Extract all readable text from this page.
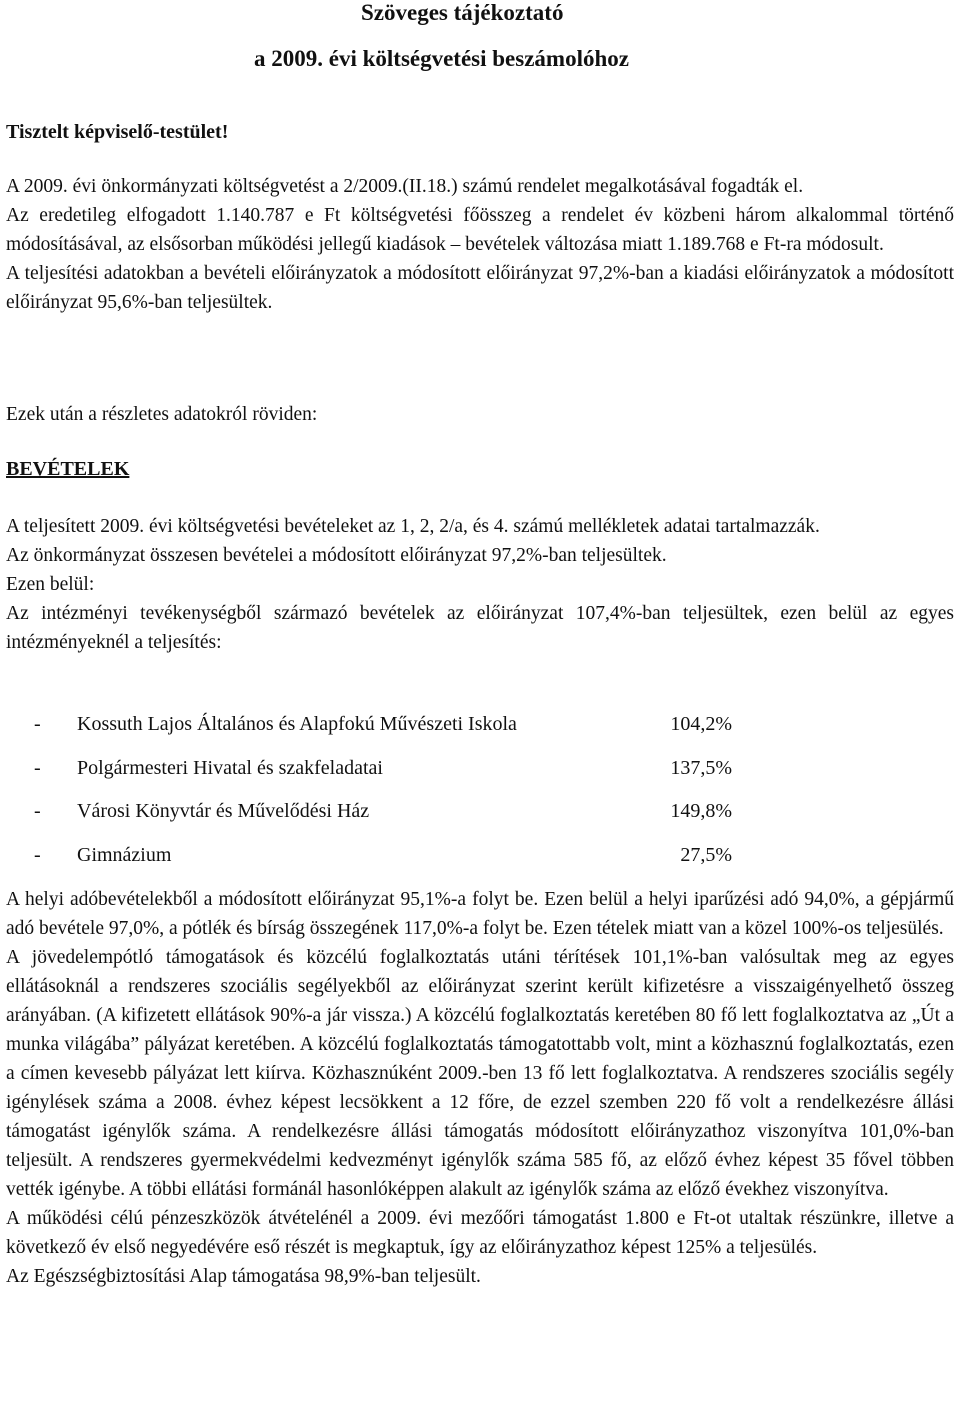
Szöveges tájékoztató
a 2009. évi költségvetési beszámolóhoz
Tisztelt képviselő-testület!

A 2009. évi önkormányzati költségvetést a 2/2009.(II.18.) számú rendelet megalkotásával fogadták el.

Az eredetileg elfogadott 1.140.787 e Ft költségvetési főösszeg a rendelet év közbeni három alkalommal történő módosításával, az elsősorban működési jellegű kiadások – bevételek változása miatt 1.189.768 e Ft-ra módosult.

A teljesítési adatokban a bevételi előirányzatok a módosított előirányzat 97,2%-ban a kiadási előirányzatok a módosított előirányzat 95,6%-ban teljesültek.

Ezek után a részletes adatokról röviden:

BEVÉTELEK

A teljesített 2009. évi költségvetési bevételeket az 1, 2, 2/a, és 4. számú mellékletek adatai tartalmazzák.

Az önkormányzat összesen bevételei a módosított előirányzat 97,2%-ban teljesültek.

Ezen belül:

Az intézményi tevékenységből származó bevételek az előirányzat 107,4%-ban teljesültek, ezen belül az egyes intézményeknél a teljesítés:

- Kossuth Lajos Általános és Alapfokú Művészeti Iskola	104,2%
- Polgármesteri Hivatal és szakfeladatai	137,5%
- Városi Könyvtár és Művelődési Ház	149,8%
- Gimnázium	27,5%

A helyi adóbevételekből a módosított előirányzat 95,1%-a folyt be. Ezen belül a helyi iparűzési adó 94,0%, a gépjármű adó bevétele 97,0%, a pótlék és bírság összegének 117,0%-a folyt be. Ezen tételek miatt van a közel 100%-os teljesülés.

A jövedelempótló támogatások és közcélú foglalkoztatás utáni térítések 101,1%-ban valósultak meg az egyes ellátásoknál a rendszeres szociális segélyekből az előirányzat szerint került kifizetésre a visszaigényelhető összeg arányában. (A kifizetett ellátások 90%-a jár vissza.) A közcélú foglalkoztatás keretében 80 fő lett foglalkoztatva az „Út a munka világába” pályázat keretében. A közcélú foglalkoztatás támogatottabb volt, mint a közhasznú foglalkoztatás, ezen a címen kevesebb pályázat lett kiírva. Közhasznúként 2009.-ben 13 fő lett foglalkoztatva. A rendszeres szociális segély igénylések száma a 2008. évhez képest lecsökkent a 12 főre, de ezzel szemben 220 fő volt a rendelkezésre állási támogatást igénylők száma. A rendelkezésre állási támogatás módosított előirányzathoz viszonyítva 101,0%-ban teljesült. A rendszeres gyermekvédelmi kedvezményt igénylők száma 585 fő, az előző évhez képest 35 fővel többen vették igénybe. A többi ellátási formánál hasonlóképpen alakult az igénylők száma az előző évekhez viszonyítva.

A működési célú pénzeszközök átvételénél a 2009. évi mezőőri támogatást 1.800 e Ft-ot utaltak részünkre, illetve a következő év első negyedévére eső részét is megkaptuk, így az előirányzathoz képest 125% a teljesülés.

Az Egészségbiztosítási Alap támogatása 98,9%-ban teljesült.
